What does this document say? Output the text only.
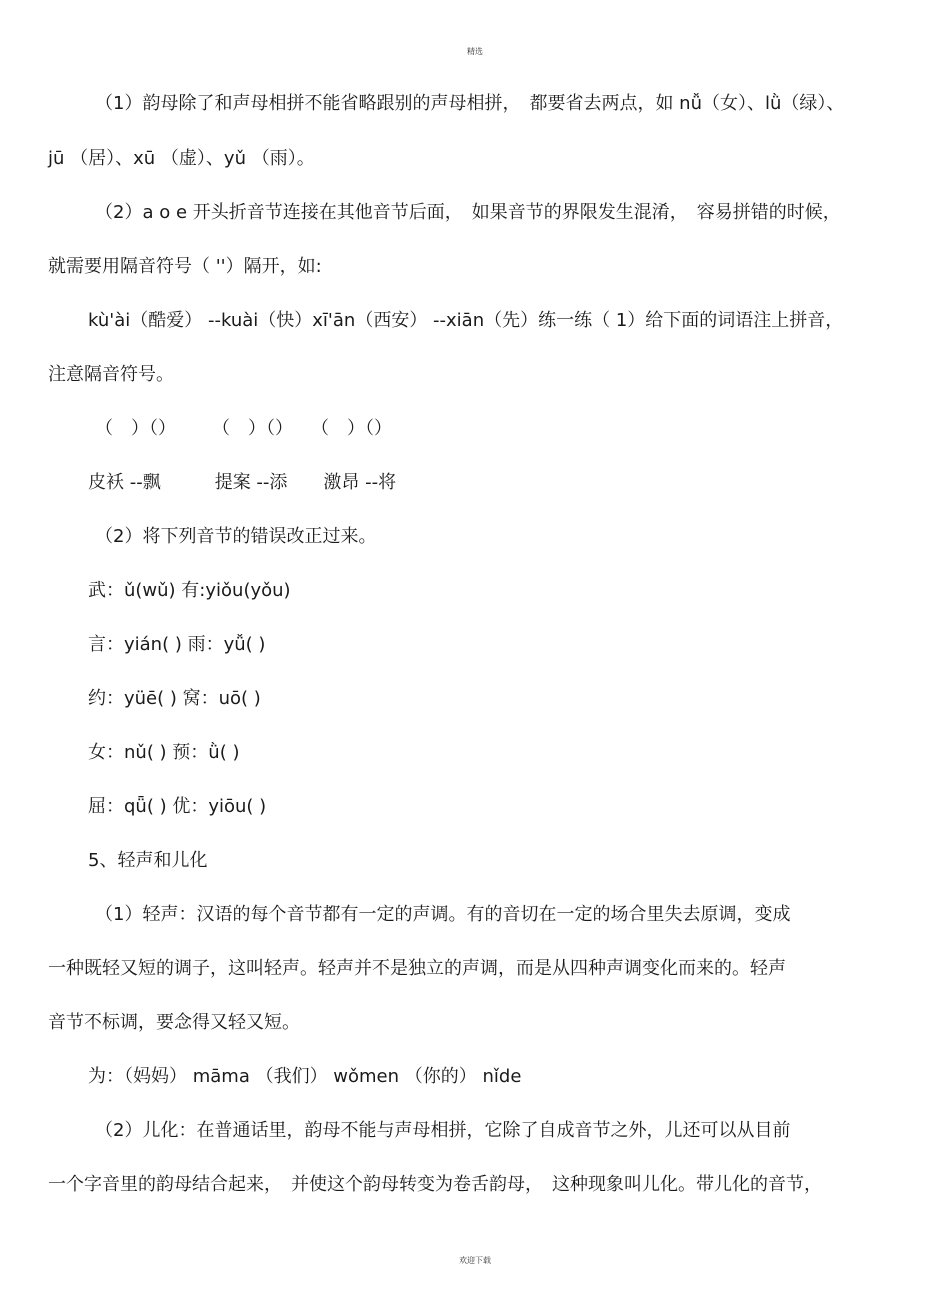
精选
（1）韵母除了和声母相拼不能省略跟别的声母相拼，　都要省去两点，如 nǚ（女）、lǜ（绿）、
jū （居）、xū （虚）、yǔ （雨）。
（2）a o e 开头折音节连接在其他音节后面，　如果音节的界限发生混淆，　容易拼错的时候，
就需要用隔音符号（ ''）隔开，如:
kù'ài（酷爱） --kuài（快）xī'ān（西安） --xiān（先）练一练（ 1）给下面的词语注上拼音，
注意隔音符号。
（　）（）　　　（　）（）　　（　）（）
皮袄 --飘　　　提案 --添　　激昂 --将
（2）将下列音节的错误改正过来。
武：ǔ(wǔ) 有:yiǒu(yǒu)
言：yián( ) 雨：yǚ( )
约：yüē( ) 窝：uō( )
女：nǔ( ) 预：ǜ( )
屈：qǖ( ) 优：yiōu( )
5、轻声和儿化
（1）轻声：汉语的每个音节都有一定的声调。有的音切在一定的场合里失去原调，变成
一种既轻又短的调子，这叫轻声。轻声并不是独立的声调，而是从四种声调变化而来的。轻声
音节不标调，要念得又轻又短。
为：（妈妈） māma （我们） wǒmen （你的） nǐde
（2）儿化：在普通话里，韵母不能与声母相拼，它除了自成音节之外，儿还可以从目前
一个字音里的韵母结合起来，　并使这个韵母转变为卷舌韵母，　这种现象叫儿化。带儿化的音节，
欢迎下载
